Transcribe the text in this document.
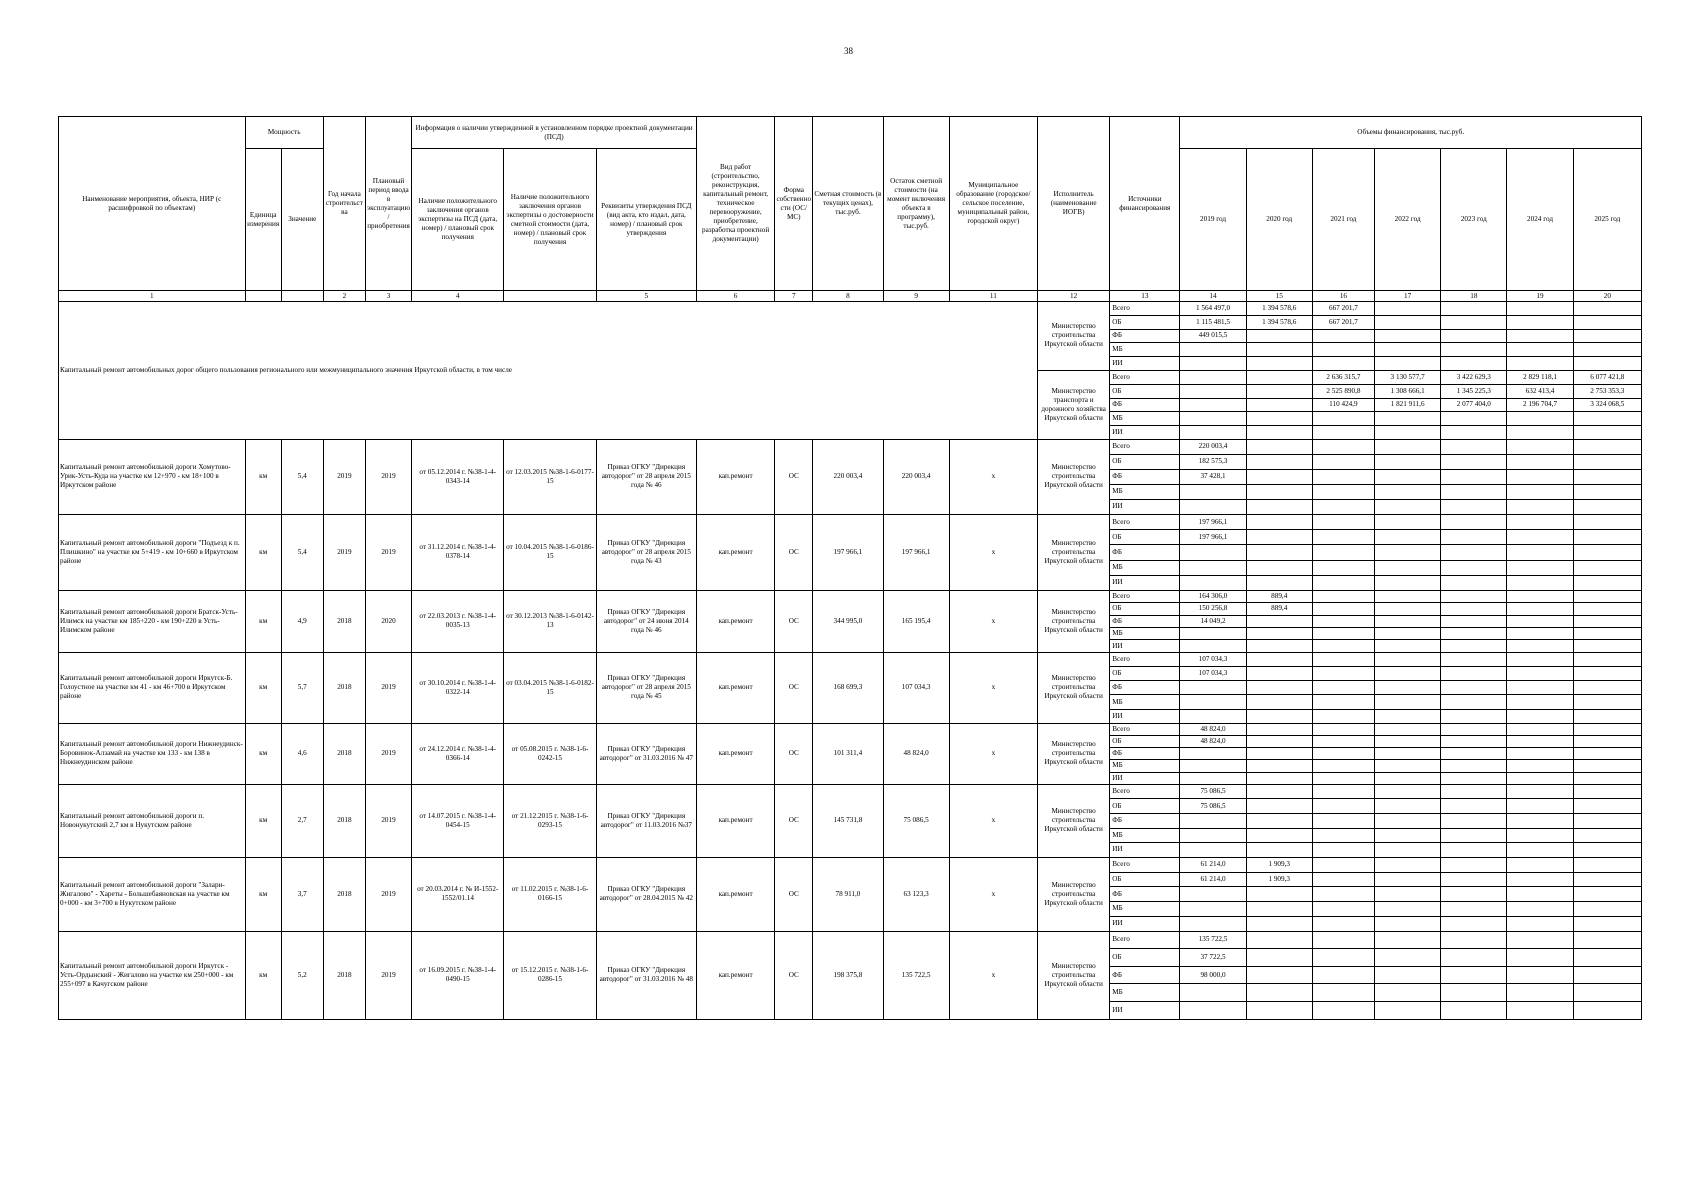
38
Наименование мероприятия, объекта, НИР (с расшифровкой по объектам)	Мощность		Год начала строительства	Плановый период ввода в эксплуатацию/приобретения	Информация о наличии утвержденной в установленном порядке проектной документации (ПСД)			Вид работ (строительство, реконструкция, капитальный ремонт, техническое перевооружение, приобретение, разработка проектной документации)	Форма собственности (ОС/ МС)	Сметная стоимость (в текущих ценах), тыс.руб.	Остаток сметной стоимости (на момент включения объекта в программу), тыс.руб.	Муниципальное образование (городское/сельское поселение, муниципальный район, городской округ)	Исполнитель (наименование ИОГВ)	Источники финансирования	Объемы финансирования, тыс.руб.						
	Единица измерения	Значение			Наличие положительного заключения органов экспертизы на ПСД (дата, номер) / плановый срок получения	Наличие положительного заключения органов экспертизы о достоверности сметной стоимости (дата, номер) / плановый срок получения	Реквизиты утверждения ПСД (вид акта, кто издал, дата, номер) / плановый срок утверждения								2019 год	2020 год	2021 год	2022 год	2023 год	2024 год	2025 год
1			2	3	4		5	6	7	8	9	11	12	13	14	15	16	17	18	19	20
Капитальный ремонт автомобильных дорог общего пользования регионального или межмуниципального значения Иркутской области, в том числе													Министерство строительства Иркутской области	Всего	1 564 497,0	1 394 578,6	667 201,7				
														ОБ	1 115 481,5	1 394 578,6	667 201,7				
														ФБ	449 015,5						
														МБ							
														ИИ							
													Министерство транспорта и дорожного хозяйства Иркутской области	Всего			2 636 315,7	3 130 577,7	3 422 629,3	2 829 118,1	6 077 421,8
														ОБ			2 525 890,8	1 308 666,1	1 345 225,3	632 413,4	2 753 353,3
														ФБ			110 424,9	1 821 911,6	2 077 404,0	2 196 704,7	3 324 068,5
														МБ							
														ИИ							
Капитальный ремонт автомобильной дороги Хомутово-Урик-Усть-Куда на участке км 12+970 - км 18+100 в Иркутском районе	км	5,4	2019	2019	от 05.12.2014 г. №38-1-4-0343-14	от 12.03.2015 №38-1-6-0177-15	Приказ ОГКУ "Дирекция автодорог" от 28 апреля 2015 года № 46	кап.ремонт	ОС	220 003,4	220 003,4	х	Министерство строительства Иркутской области	Всего	220 003,4						
														ОБ	182 575,3						
														ФБ	37 428,1						
														МБ							
														ИИ							
Капитальный ремонт автомобильной дороги "Подъезд к п. Плишкино" на участке км 5+419 - км 10+660 в Иркутском районе	км	5,4	2019	2019	от 31.12.2014 г. №38-1-4-0378-14	от 10.04.2015 №38-1-6-0186-15	Приказ ОГКУ "Дирекция автодорог" от 28 апреля 2015 года № 43	кап.ремонт	ОС	197 966,1	197 966,1	х	Министерство строительства Иркутской области	Всего	197 966,1						
														ОБ	197 966,1						
														ФБ							
														МБ							
														ИИ							
Капитальный ремонт автомобильной дороги Братск-Усть-Илимск на участке км 185+220 - км 190+220 в Усть-Илимском районе	км	4,9	2018	2020	от 22.03.2013 г. №38-1-4-0035-13	от 30.12.2013 №38-1-6-0142-13	Приказ ОГКУ "Дирекция автодорог" от 24 июня 2014 года № 46	кап.ремонт	ОС	344 995,0	165 195,4	х	Министерство строительства Иркутской области	Всего	164 306,0	889,4					
														ОБ	150 256,8	889,4					
														ФБ	14 049,2						
														МБ							
														ИИ							
Капитальный ремонт автомобильной дороги Иркутск-Б. Голоустное на участке км 41 - км 46+700 в Иркутском районе	км	5,7	2018	2019	от 30.10.2014 г. №38-1-4-0322-14	от 03.04.2015 №38-1-6-0182-15	Приказ ОГКУ "Дирекция автодорог" от 28 апреля 2015 года № 45	кап.ремонт	ОС	168 699,3	107 034,3	х	Министерство строительства Иркутской области	Всего	107 034,3						
														ОБ	107 034,3						
														ФБ							
														МБ							
														ИИ							
Капитальный ремонт автомобильной дороги Нижнеудинск-Боровинок-Алзамай на участке км 133 - км 138 в Нижнеудинском районе	км	4,6	2018	2019	от 24.12.2014 г. №38-1-4-0366-14	от 05.08.2015 г. №38-1-6-0242-15	Приказ ОГКУ "Дирекция автодорог" от 31.03.2016 № 47	кап.ремонт	ОС	101 311,4	48 824,0	х	Министерство строительства Иркутской области	Всего	48 824,0						
														ОБ	48 824,0						
														ФБ							
														МБ							
														ИИ							
Капитальный ремонт автомобильной дороги п. Новонукутский 2,7 км в Нукутском районе	км	2,7	2018	2019	от 14.07.2015 г. №38-1-4-0454-15	от 21.12.2015 г. №38-1-6-0293-15	Приказ ОГКУ "Дирекция автодорог" от 11.03.2016 №37	кап.ремонт	ОС	145 731,8	75 086,5	х	Министерство строительства Иркутской области	Всего	75 086,5						
														ОБ	75 086,5						
														ФБ							
														МБ							
														ИИ							
Капитальный ремонт автомобильной дороги "Залари-Жигалово" - Хареты - Большебаяновская на участке км 0+000 - км 3+700 в Нукутском районе	км	3,7	2018	2019	от 20.03.2014 г. № И-1552-1552/01.14	от 11.02.2015 г. №38-1-6-0166-15	Приказ ОГКУ "Дирекция автодорог" от 28.04.2015 № 42	кап.ремонт	ОС	78 911,0	63 123,3	х	Министерство строительства Иркутской области	Всего	61 214,0	1 909,3					
														ОБ	61 214,0	1 909,3					
														ФБ							
														МБ							
														ИИ							
Капитальный ремонт автомобильной дороги Иркутск - Усть-Ордынский - Жигалово на участке км 250+000 - км 255+097 в Качугском районе	км	5,2	2018	2019	от 16.09.2015 г. №38-1-4-0490-15	от 15.12.2015 г. №38-1-6-0286-15	Приказ ОГКУ "Дирекция автодорог" от 31.03.2016 № 48	кап.ремонт	ОС	198 375,8	135 722,5	х	Министерство строительства Иркутской области	Всего	135 722,5						
														ОБ	37 722,5						
														ФБ	98 000,0						
														МБ							
														ИИ							
